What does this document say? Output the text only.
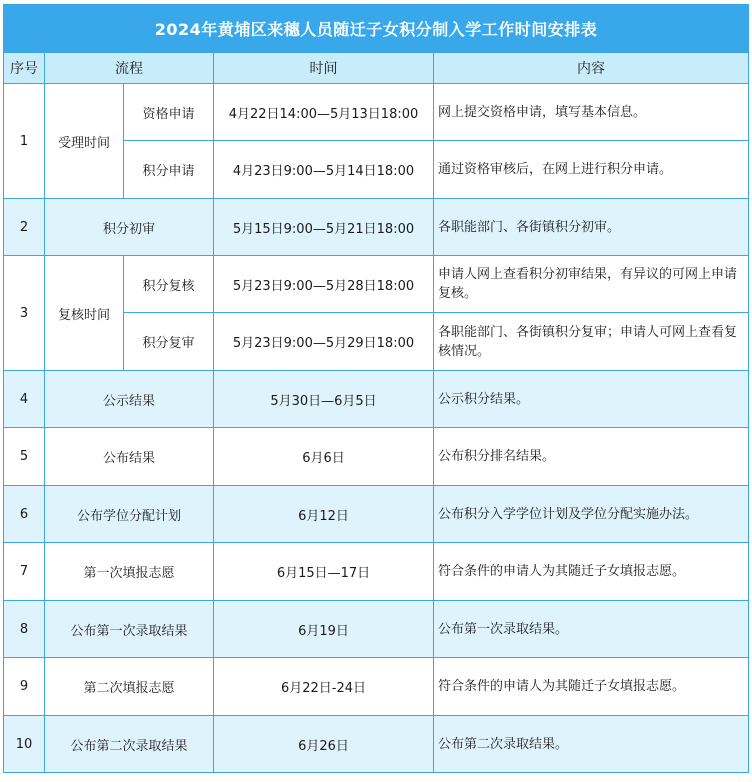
2024年黄埔区来穗人员随迁子女积分制入学工作时间安排表				
序号	流程		时间	内容
1	受理时间	资格申请	4月22日14:00—5月13日18:00	网上提交资格申请，填写基本信息。
		积分申请	4月23日9:00—5月14日18:00	通过资格审核后，在网上进行积分申请。
2	积分初审		5月15日9:00—5月21日18:00	各职能部门、各街镇积分初审。
3	复核时间	积分复核	5月23日9:00—5月28日18:00	申请人网上查看积分初审结果，有异议的可网上申请复核。
		积分复审	5月23日9:00—5月29日18:00	各职能部门、各街镇积分复审；申请人可网上查看复核情况。
4	公示结果		5月30日—6月5日	公示积分结果。
5	公布结果		6月6日	公布积分排名结果。
6	公布学位分配计划		6月12日	公布积分入学学位计划及学位分配实施办法。
7	第一次填报志愿		6月15日—17日	符合条件的申请人为其随迁子女填报志愿。
8	公布第一次录取结果		6月19日	公布第一次录取结果。
9	第二次填报志愿		6月22日-24日	符合条件的申请人为其随迁子女填报志愿。
10	公布第二次录取结果		6月26日	公布第二次录取结果。
